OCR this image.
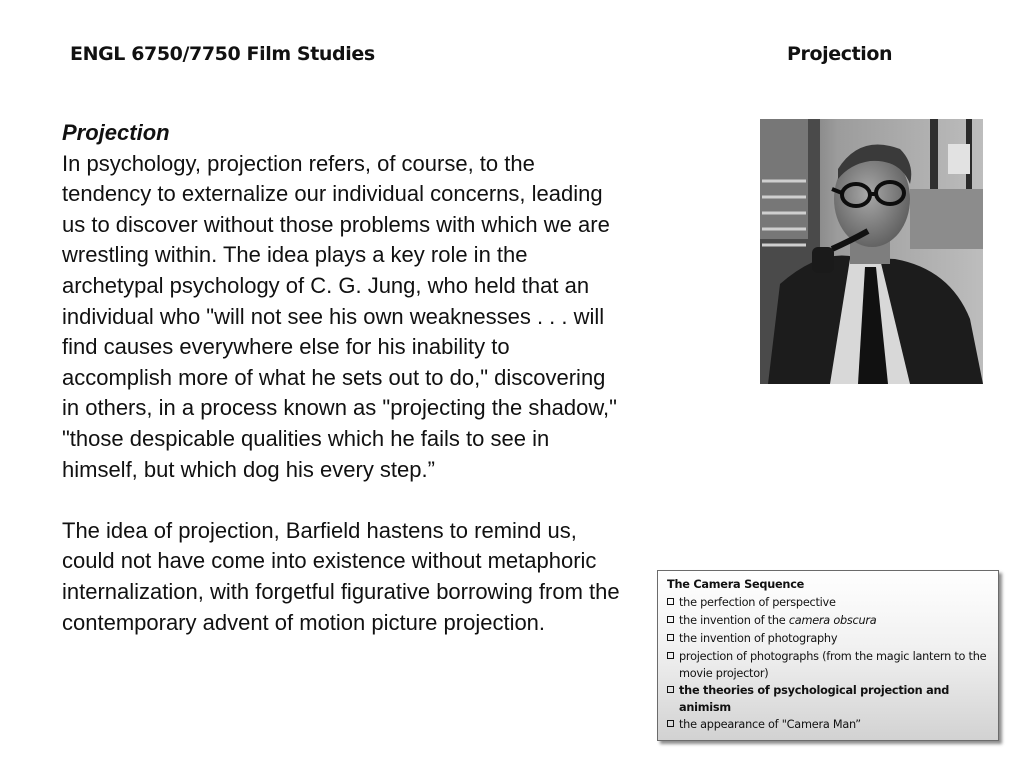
ENGL 6750/7750 Film Studies	Projection
Projection

In psychology, projection refers, of course, to the tendency to externalize our individual concerns, leading us to discover without those problems with which we are wrestling within. The idea plays a key role in the archetypal psychology of C. G. Jung, who held that an individual who "will not see his own weaknesses . . . will find causes everywhere else for his inability to accomplish more of what he sets out to do," discovering in others, in a process known as "projecting the shadow," "those despicable qualities which he fails to see in himself, but which dog his every step.”

The idea of projection, Barfield hastens to remind us, could not have come into existence without metaphoric internalization, with forgetful figurative borrowing from the contemporary advent of motion picture projection.

The Camera Sequence
the perfection of perspective
the invention of the camera obscura
the invention of photography
projection of photographs (from the magic lantern to the movie projector)
the theories of psychological projection and animism
the appearance of "Camera Man”
